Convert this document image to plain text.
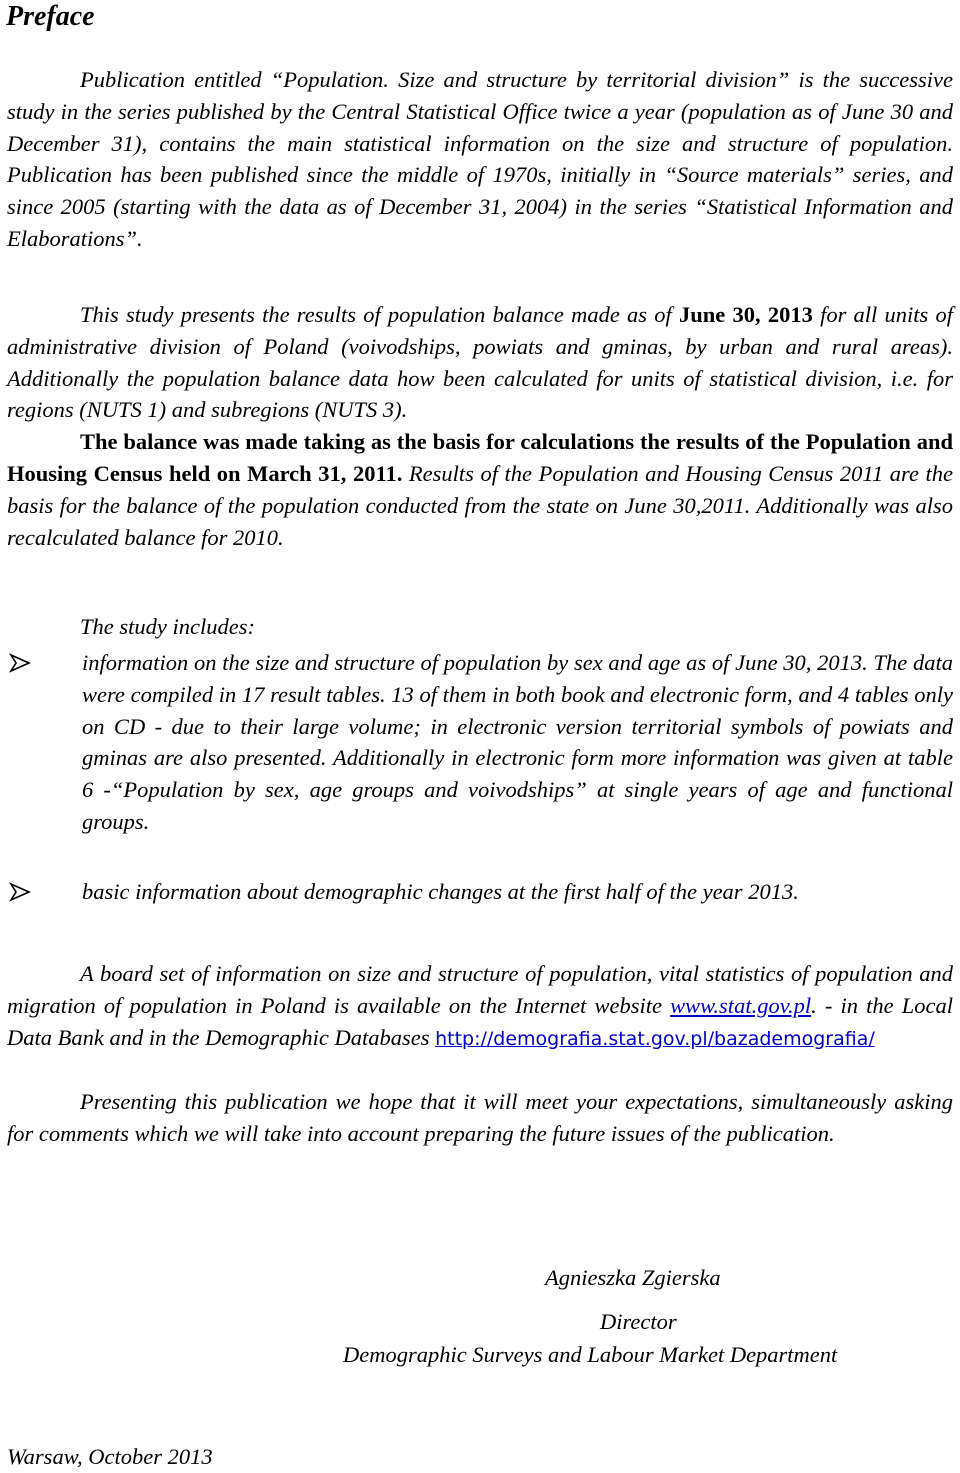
Preface

Publication entitled “Population. Size and structure by territorial division” is the successive study in the series published by the Central Statistical Office twice a year (population as of June 30 and December 31), contains the main statistical information on the size and structure of population. Publication has been published since the middle of 1970s, initially in “Source materials” series, and since 2005 (starting with the data as of December 31, 2004) in the series “Statistical Information and Elaborations”.

This study presents the results of population balance made as of June 30, 2013 for all units of administrative division of Poland (voivodships, powiats and gminas, by urban and rural areas). Additionally the population balance data how been calculated for units of statistical division, i.e. for regions (NUTS 1) and subregions (NUTS 3).
The balance was made taking as the basis for calculations the results of the Population and Housing Census held on March 31, 2011. Results of the Population and Housing Census 2011 are the basis for the balance of the population conducted from the state on June 30,2011. Additionally was also recalculated balance for 2010.

The study includes:

information on the size and structure of population by sex and age as of June 30, 2013. The data were compiled in 17 result tables. 13 of them in both book and electronic form, and 4 tables only on CD - due to their large volume; in electronic version territorial symbols of powiats and gminas are also presented. Additionally in electronic form more information was given at table 6 -“Population by sex, age groups and voivodships” at single years of age and functional groups.

basic information about demographic changes at the first half of the year 2013.

A board set of information on size and structure of population, vital statistics of population and migration of population in Poland is available on the Internet website www.stat.gov.pl. - in the Local Data Bank and in the Demographic Databases http://demografia.stat.gov.pl/bazademografia/

Presenting this publication we hope that it will meet your expectations, simultaneously asking for comments which we will take into account preparing the future issues of the publication.

Agnieszka Zgierska

Director

Demographic Surveys and Labour Market Department

Warsaw, October 2013
